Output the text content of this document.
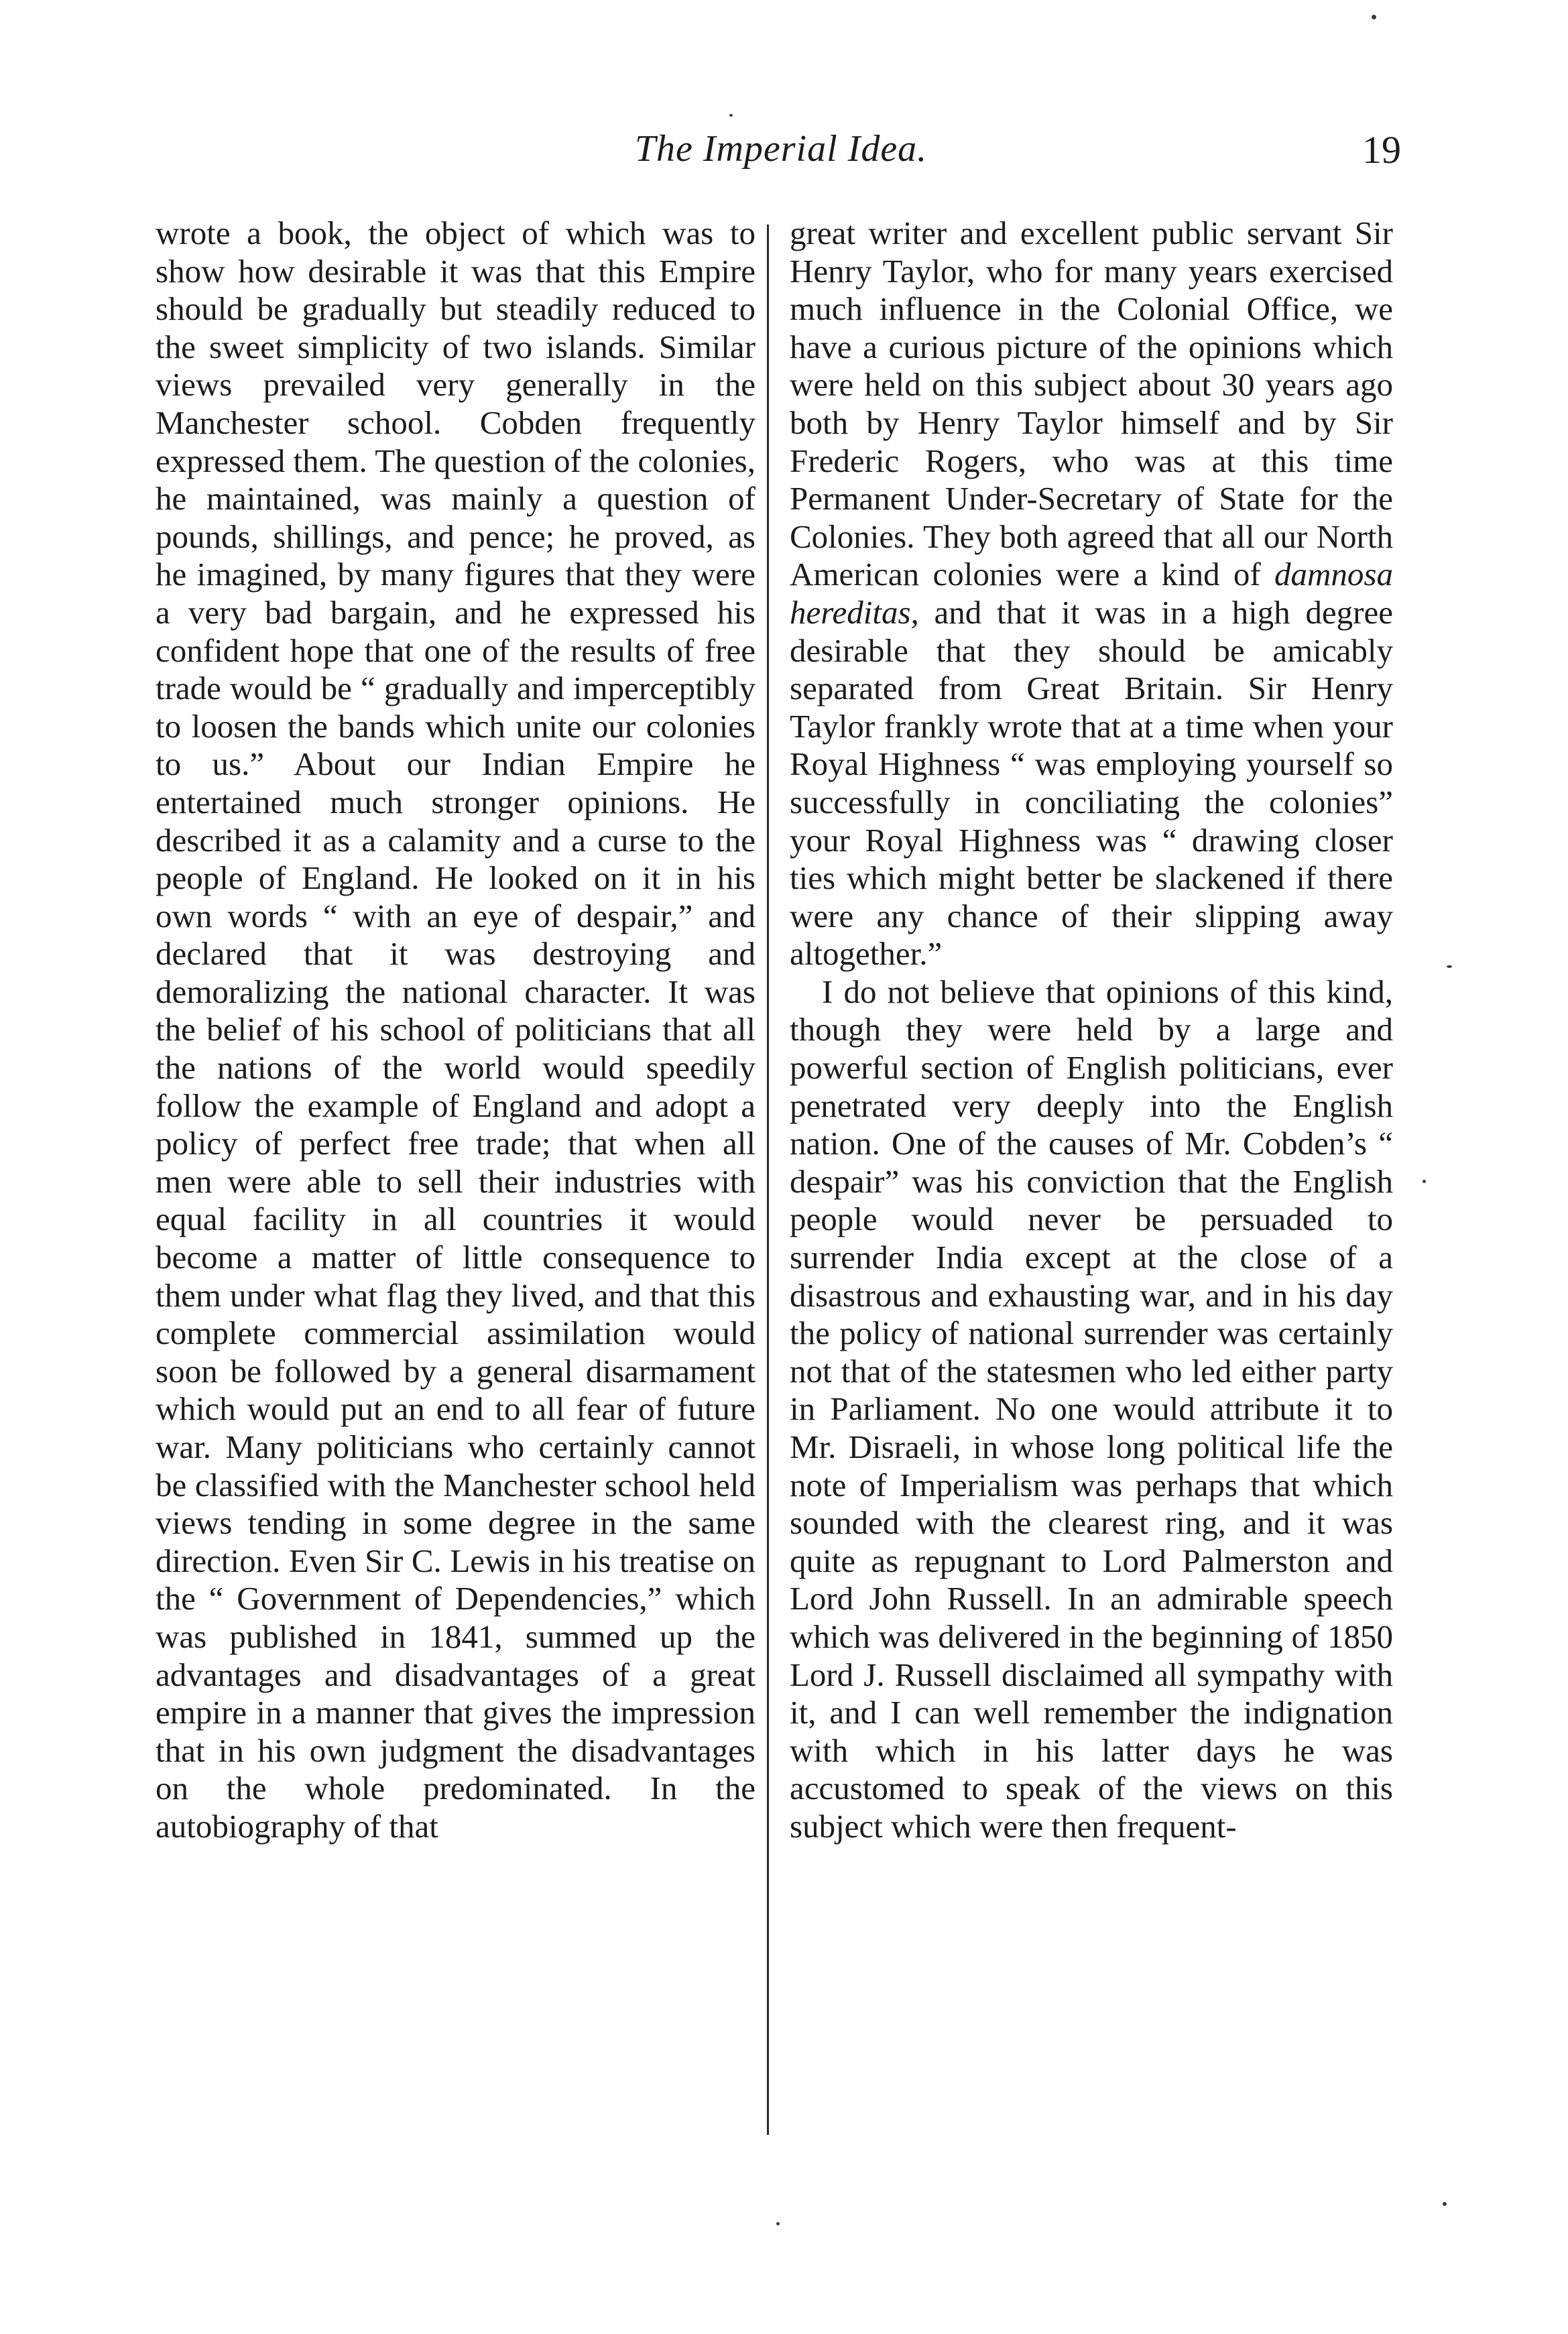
The Imperial Idea.	19

wrote a book, the object of which was to show how desirable it was that this Empire should be gradually but steadily reduced to the sweet simplicity of two islands. Similar views prevailed very generally in the Manchester school. Cobden frequently expressed them. The question of the colonies, he maintained, was mainly a question of pounds, shillings, and pence; he proved, as he imagined, by many figures that they were a very bad bargain, and he expressed his confident hope that one of the results of free trade would be “ gradually and imperceptibly to loosen the bands which unite our colonies to us.” About our Indian Empire he entertained much stronger opinions. He described it as a calamity and a curse to the people of England. He looked on it in his own words “ with an eye of despair,” and declared that it was destroying and demoralizing the national character. It was the belief of his school of politicians that all the nations of the world would speedily follow the example of England and adopt a policy of perfect free trade; that when all men were able to sell their industries with equal facility in all countries it would become a matter of little consequence to them under what flag they lived, and that this complete commercial assimilation would soon be followed by a general disarmament which would put an end to all fear of future war. Many politicians who certainly cannot be classified with the Manchester school held views tending in some degree in the same direction. Even Sir C. Lewis in his treatise on the “ Government of Dependencies,” which was published in 1841, summed up the advantages and disadvantages of a great empire in a manner that gives the impression that in his own judgment the disadvantages on the whole predominated. In the autobiography of that

great writer and excellent public servant Sir Henry Taylor, who for many years exercised much influence in the Colonial Office, we have a curious picture of the opinions which were held on this subject about 30 years ago both by Henry Taylor himself and by Sir Frederic Rogers, who was at this time Permanent Under-Secretary of State for the Colonies. They both agreed that all our North American colonies were a kind of damnosa hereditas, and that it was in a high degree desirable that they should be amicably separated from Great Britain. Sir Henry Taylor frankly wrote that at a time when your Royal Highness “ was employing yourself so successfully in conciliating the colonies” your Royal Highness was “ drawing closer ties which might better be slackened if there were any chance of their slipping away altogether.”

I do not believe that opinions of this kind, though they were held by a large and powerful section of English politicians, ever penetrated very deeply into the English nation. One of the causes of Mr. Cobden’s “ despair” was his conviction that the English people would never be persuaded to surrender India except at the close of a disastrous and exhausting war, and in his day the policy of national surrender was certainly not that of the statesmen who led either party in Parliament. No one would attribute it to Mr. Disraeli, in whose long political life the note of Imperialism was perhaps that which sounded with the clearest ring, and it was quite as repugnant to Lord Palmerston and Lord John Russell. In an admirable speech which was delivered in the beginning of 1850 Lord J. Russell disclaimed all sympathy with it, and I can well remember the indignation with which in his latter days he was accustomed to speak of the views on this subject which were then frequent-
